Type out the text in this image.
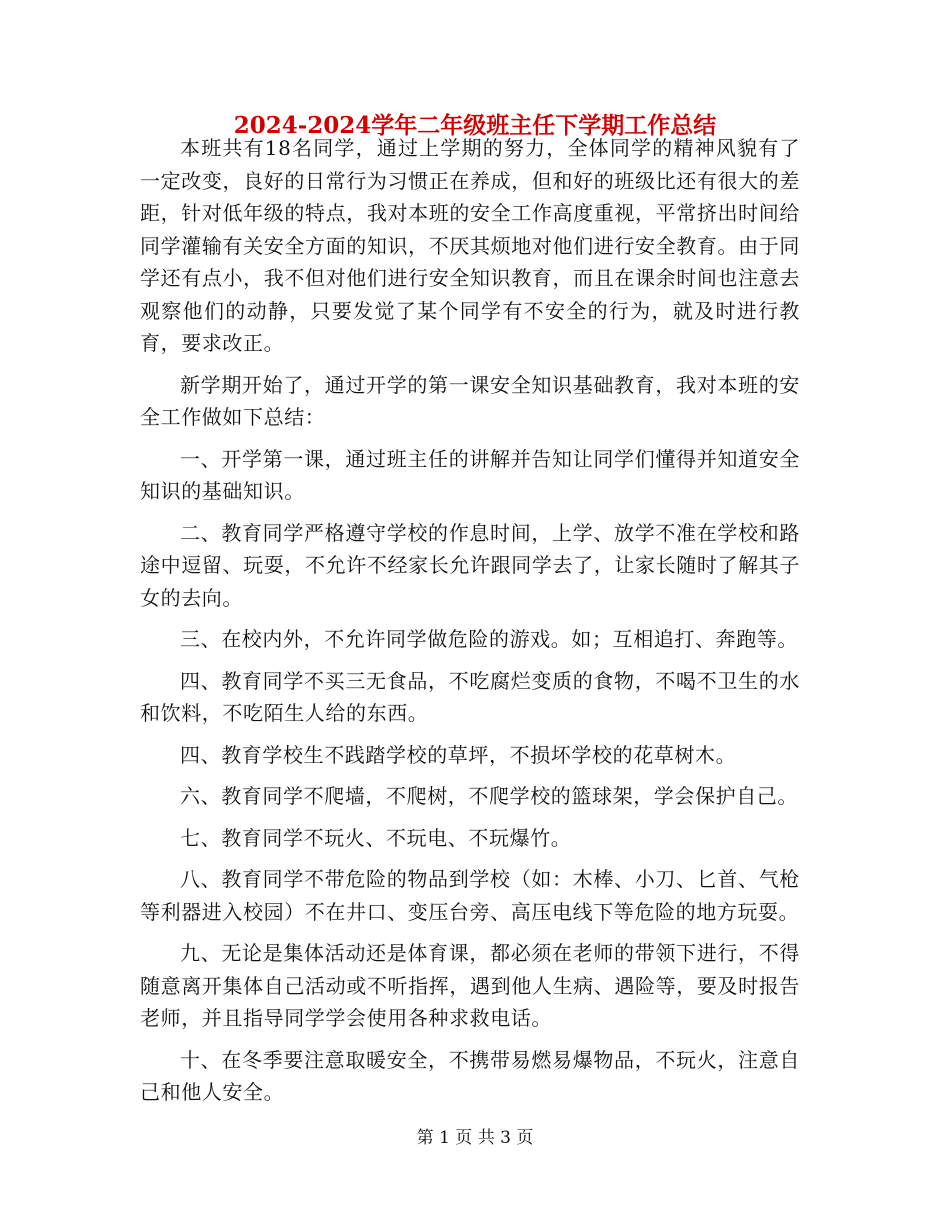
2024-2024学年二年级班主任下学期工作总结

本班共有18名同学，通过上学期的努力，全体同学的精神风貌有了一定改变，良好的日常行为习惯正在养成，但和好的班级比还有很大的差距，针对低年级的特点，我对本班的安全工作高度重视，平常挤出时间给同学灌输有关安全方面的知识，不厌其烦地对他们进行安全教育。由于同学还有点小，我不但对他们进行安全知识教育，而且在课余时间也注意去观察他们的动静，只要发觉了某个同学有不安全的行为，就及时进行教育，要求改正。

新学期开始了，通过开学的第一课安全知识基础教育，我对本班的安全工作做如下总结：

一、开学第一课，通过班主任的讲解并告知让同学们懂得并知道安全知识的基础知识。

二、教育同学严格遵守学校的作息时间，上学、放学不准在学校和路途中逗留、玩耍，不允许不经家长允许跟同学去了，让家长随时了解其子女的去向。

三、在校内外，不允许同学做危险的游戏。如；互相追打、奔跑等。

四、教育同学不买三无食品，不吃腐烂变质的食物，不喝不卫生的水和饮料，不吃陌生人给的东西。

四、教育学校生不践踏学校的草坪，不损坏学校的花草树木。

六、教育同学不爬墙，不爬树，不爬学校的篮球架，学会保护自己。

七、教育同学不玩火、不玩电、不玩爆竹。

八、教育同学不带危险的物品到学校（如：木棒、小刀、匕首、气枪等利器进入校园）不在井口、变压台旁、高压电线下等危险的地方玩耍。

九、无论是集体活动还是体育课，都必须在老师的带领下进行，不得随意离开集体自己活动或不听指挥，遇到他人生病、遇险等，要及时报告老师，并且指导同学学会使用各种求救电话。

十、在冬季要注意取暖安全，不携带易燃易爆物品，不玩火，注意自己和他人安全。

第 1 页 共 3 页
